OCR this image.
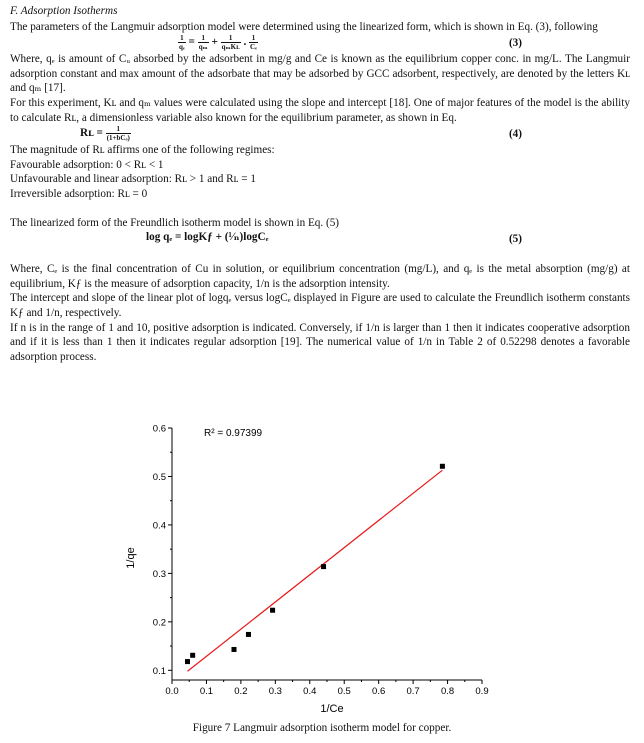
F. Adsorption Isotherms

The parameters of the Langmuir adsorption model were determined using the linearized form, which is shown in Eq. (3), following

$\frac{1}{\text{qₑ}} = \frac{1}{\text{qₘ}} + \frac{1}{\text{qₘKʟ}}$ . $\frac{1}{\text{Cₑ}}$	(3)

Where, qₑ is amount of Cᵤ absorbed by the adsorbent in mg/g and Ce is known as the equilibrium copper conc. in mg/L. The Langmuir adsorption constant and max amount of the adsorbate that may be adsorbed by GCC adsorbent, respectively, are denoted by the letters Kʟ and qₘ [17].

For this experiment, Kʟ and qₘ values were calculated using the slope and intercept [18]. One of major features of the model is the ability to calculate Rʟ, a dimensionless variable also known for the equilibrium parameter, as shown in Eq.

Rʟ = $\frac{1}{\text{(1+bCₒ)}}$	(4)

The magnitude of Rʟ affirms one of the following regimes:

Favourable adsorption: 0 < Rʟ < 1

Unfavourable and linear adsorption: Rʟ > 1 and Rʟ = 1

Irreversible adsorption: Rʟ = 0

The linearized form of the Freundlich isotherm model is shown in Eq. (5)

log qₑ = logKƒ + (¹⁄ₙ)logCₑ	(5)

Where, Cₑ is the final concentration of Cu in solution, or equilibrium concentration (mg/L), and qₑ is the metal absorption (mg/g) at equilibrium, Kƒ is the measure of adsorption capacity, 1/n is the adsorption intensity.

The intercept and slope of the linear plot of logqₑ versus logCₑ displayed in Figure are used to calculate the Freundlich isotherm constants Kƒ and 1/n, respectively.

If n is in the range of 1 and 10, positive adsorption is indicated. Conversely, if 1/n is larger than 1 then it indicates cooperative adsorption and if it is less than 1 then it indicates regular adsorption [19]. The numerical value of 1/n in Table 2 of 0.52298 denotes a favorable adsorption process.

0.0 0.1 0.2 0.3 0.4 0.5 0.6 0.7 0.8 0.9
0.1
0.2
0.3
0.4
0.5
0.6	R² = 0.97399
1/Ce
1/qe
Figure 7 Langmuir adsorption isotherm model for copper.
